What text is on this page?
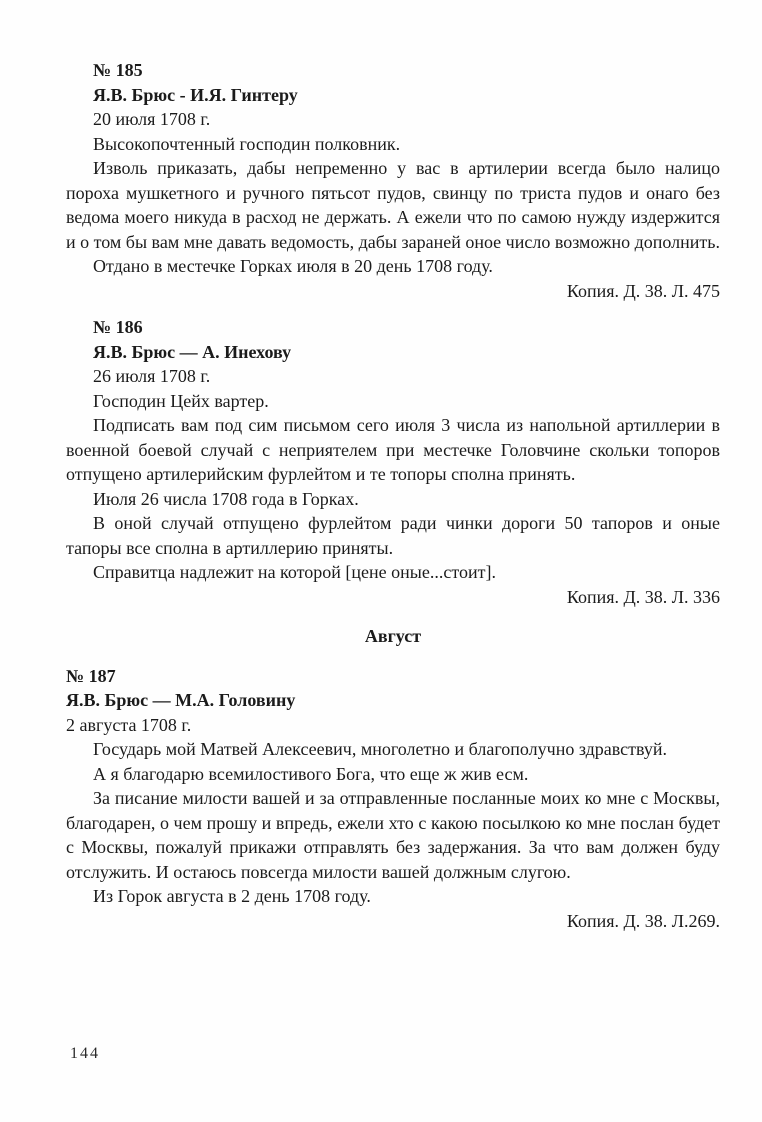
№ 185

Я.В. Брюс - И.Я. Гинтеру

20 июля 1708 г.

Высокопочтенный господин полковник.

Изволь приказать, дабы непременно у вас в артилерии всегда было налицо пороха мушкетного и ручного пятьсот пудов, свинцу по триста пудов и онаго без ведома моего никуда в расход не держать. А ежели что по самою нужду издержится и о том бы вам мне давать ведомость, дабы зараней оное число возможно дополнить.

Отдано в местечке Горках июля в 20 день 1708 году.

Копия. Д. 38. Л. 475

№ 186

Я.В. Брюс — А. Инехову

26 июля 1708 г.

Господин Цейх вартер.

Подписать вам под сим письмом сего июля 3 числа из напольной артиллерии в военной боевой случай с неприятелем при местечке Головчине скольки топоров отпущено артилерийским фурлейтом и те топоры сполна принять.

Июля 26 числа 1708 года в Горках.

В оной случай отпущено фурлейтом ради чинки дороги 50 тапоров и оные тапоры все сполна в артиллерию приняты.

Справитца надлежит на которой [цене оные...стоит].

Копия. Д. 38. Л. 336

Август

№ 187

Я.В. Брюс — М.А. Головину

2 августа 1708 г.

Государь мой Матвей Алексеевич, многолетно и благополучно здравствуй.

А я благодарю всемилостивого Бога, что еще ж жив есм.

За писание милости вашей и за отправленные посланные моих ко мне с Москвы, благодарен, о чем прошу и впредь, ежели хто с какою посылкою ко мне послан будет с Москвы, пожалуй прикажи отправлять без задержания. За что вам должен буду отслужить. И остаюсь повсегда милости вашей должным слугою.

Из Горок августа в 2 день 1708 году.

Копия. Д. 38. Л.269.

144
